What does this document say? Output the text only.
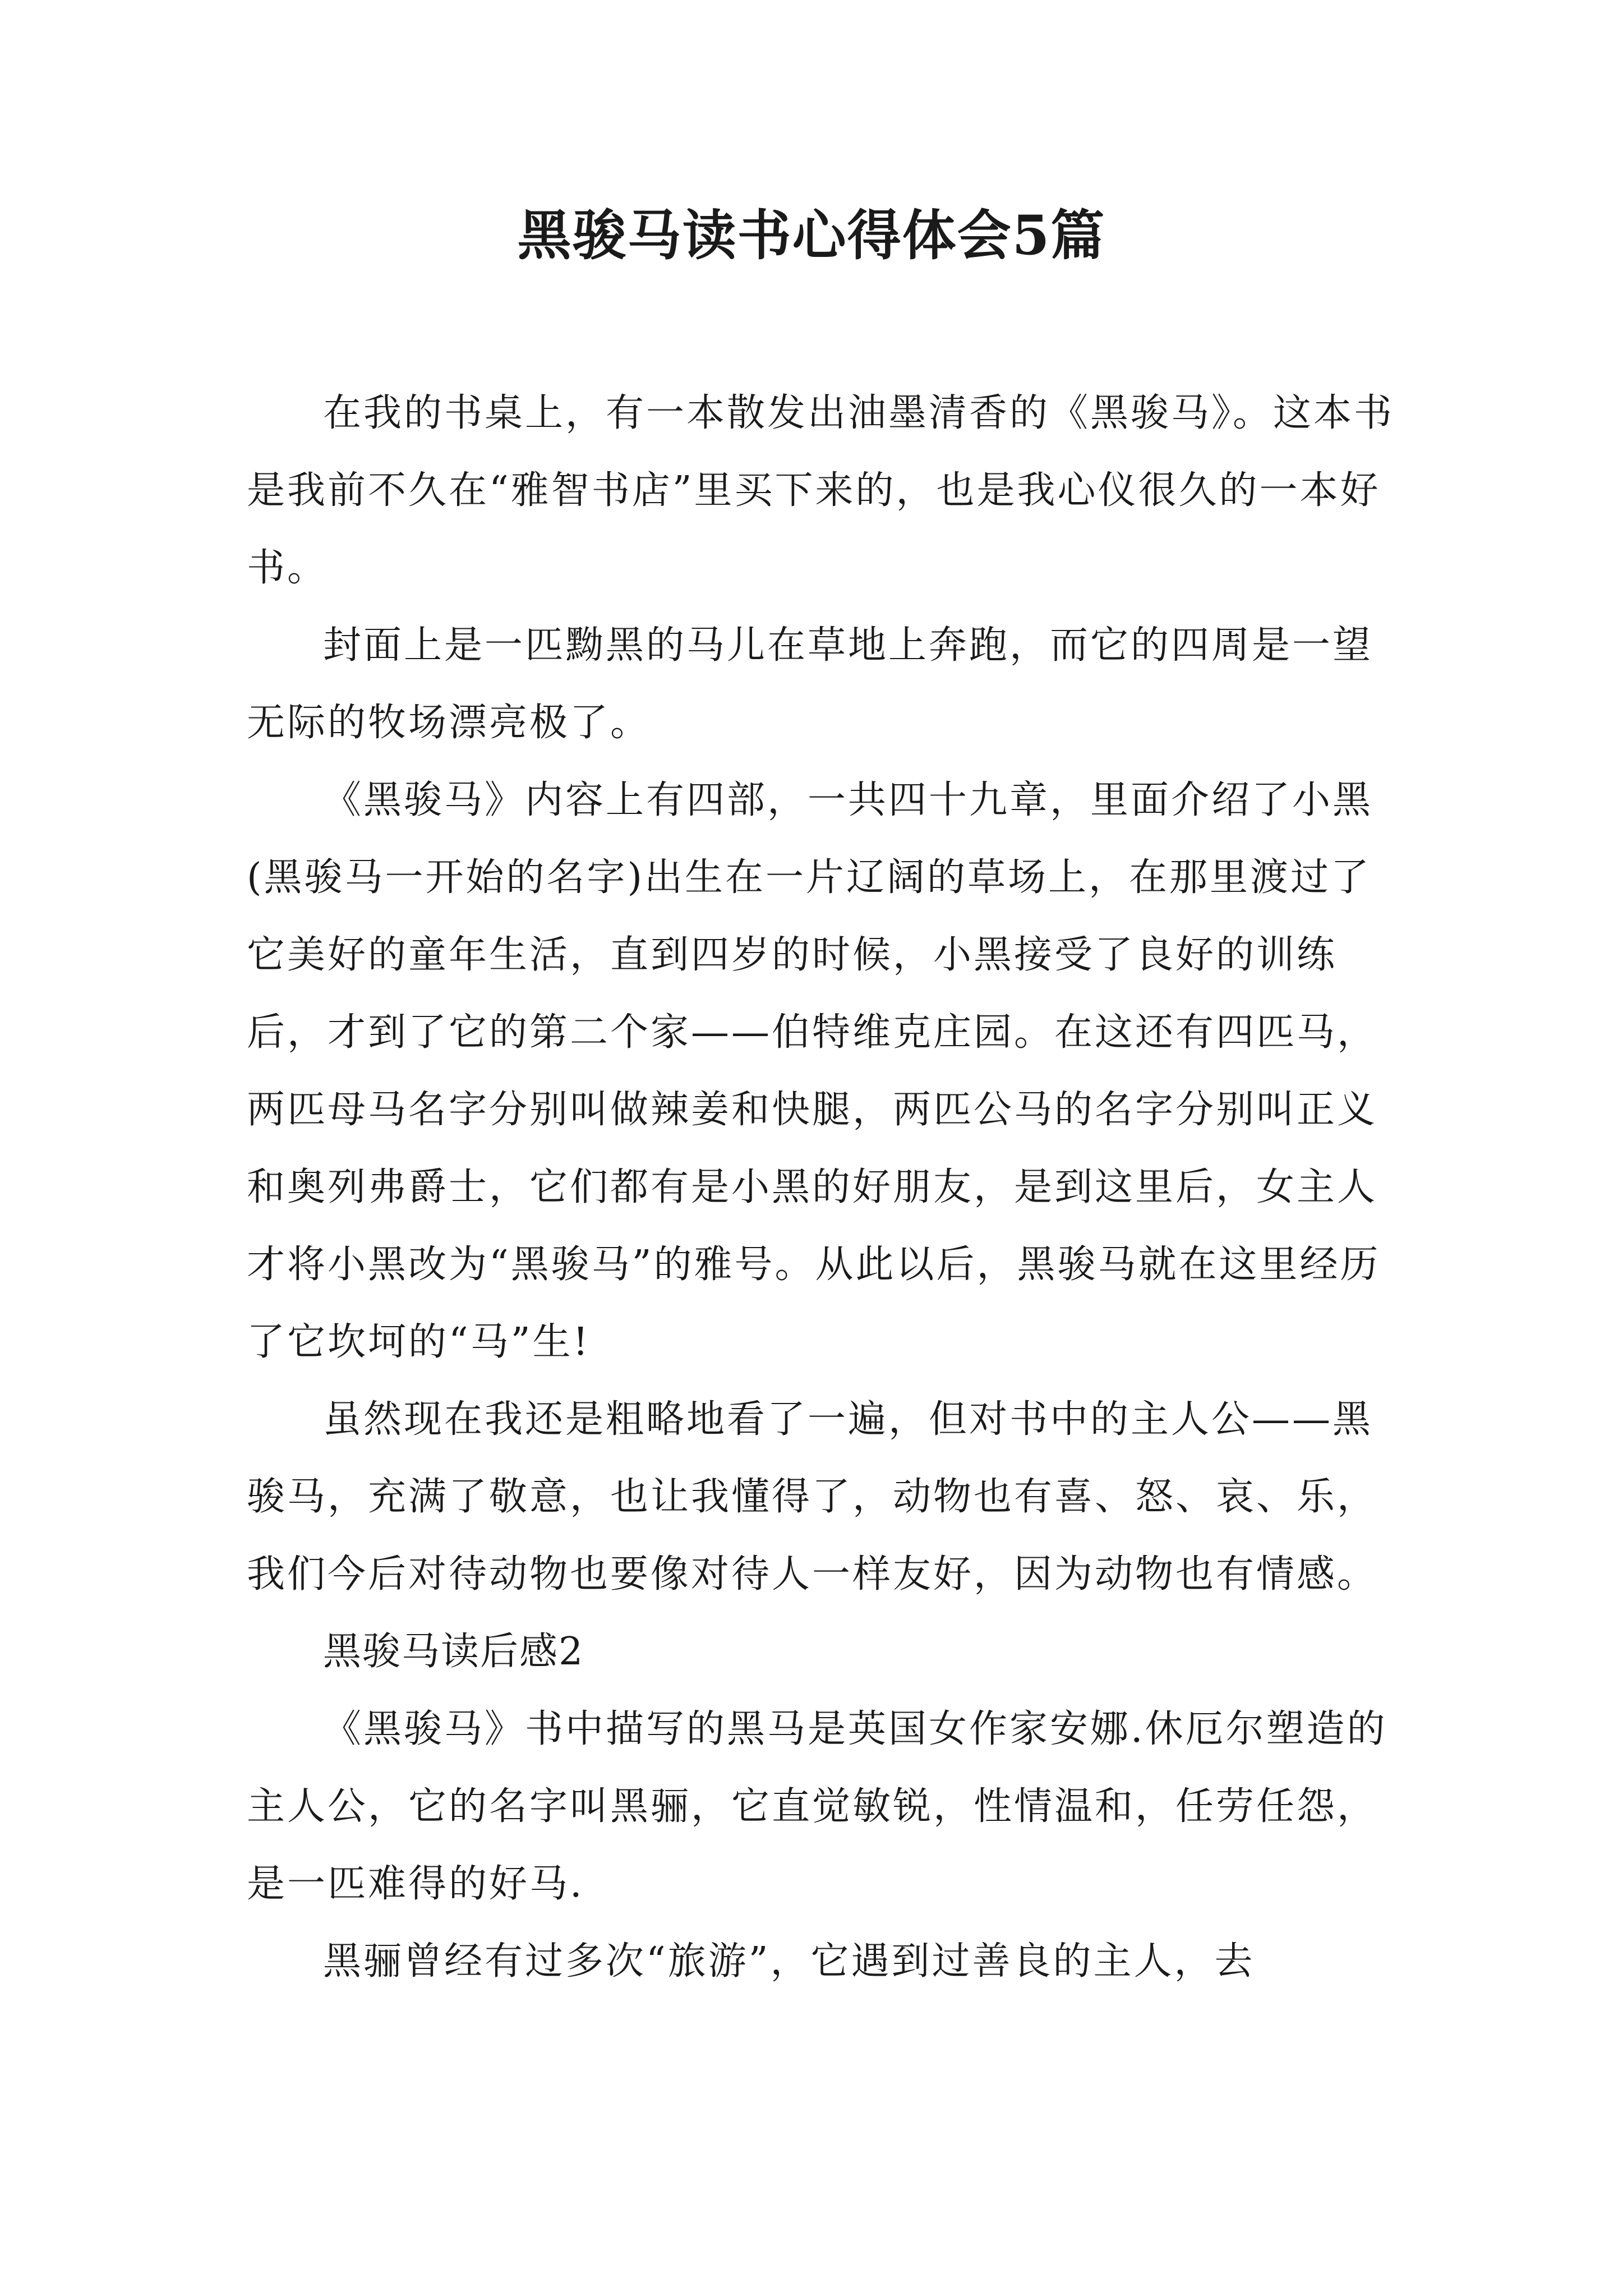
黑骏马读书心得体会5篇

在我的书桌上，有一本散发出油墨清香的《黑骏马》。这本书是我前不久在“雅智书店”里买下来的，也是我心仪很久的一本好书。

封面上是一匹黝黑的马儿在草地上奔跑，而它的四周是一望无际的牧场漂亮极了。

《黑骏马》内容上有四部，一共四十九章，里面介绍了小黑(黑骏马一开始的名字)出生在一片辽阔的草场上，在那里渡过了它美好的童年生活，直到四岁的时候，小黑接受了良好的训练后，才到了它的第二个家——伯特维克庄园。在这还有四匹马，两匹母马名字分别叫做辣姜和快腿，两匹公马的名字分别叫正义和奥列弗爵士，它们都有是小黑的好朋友，是到这里后，女主人才将小黑改为“黑骏马”的雅号。从此以后，黑骏马就在这里经历了它坎坷的“马”生!

虽然现在我还是粗略地看了一遍，但对书中的主人公——黑骏马，充满了敬意，也让我懂得了，动物也有喜、怒、哀、乐，我们今后对待动物也要像对待人一样友好，因为动物也有情感。

黑骏马读后感2

《黑骏马》书中描写的黑马是英国女作家安娜.休厄尔塑造的主人公，它的名字叫黑骊，它直觉敏锐，性情温和，任劳任怨，是一匹难得的好马.

黑骊曾经有过多次“旅游”，它遇到过善良的主人，去
